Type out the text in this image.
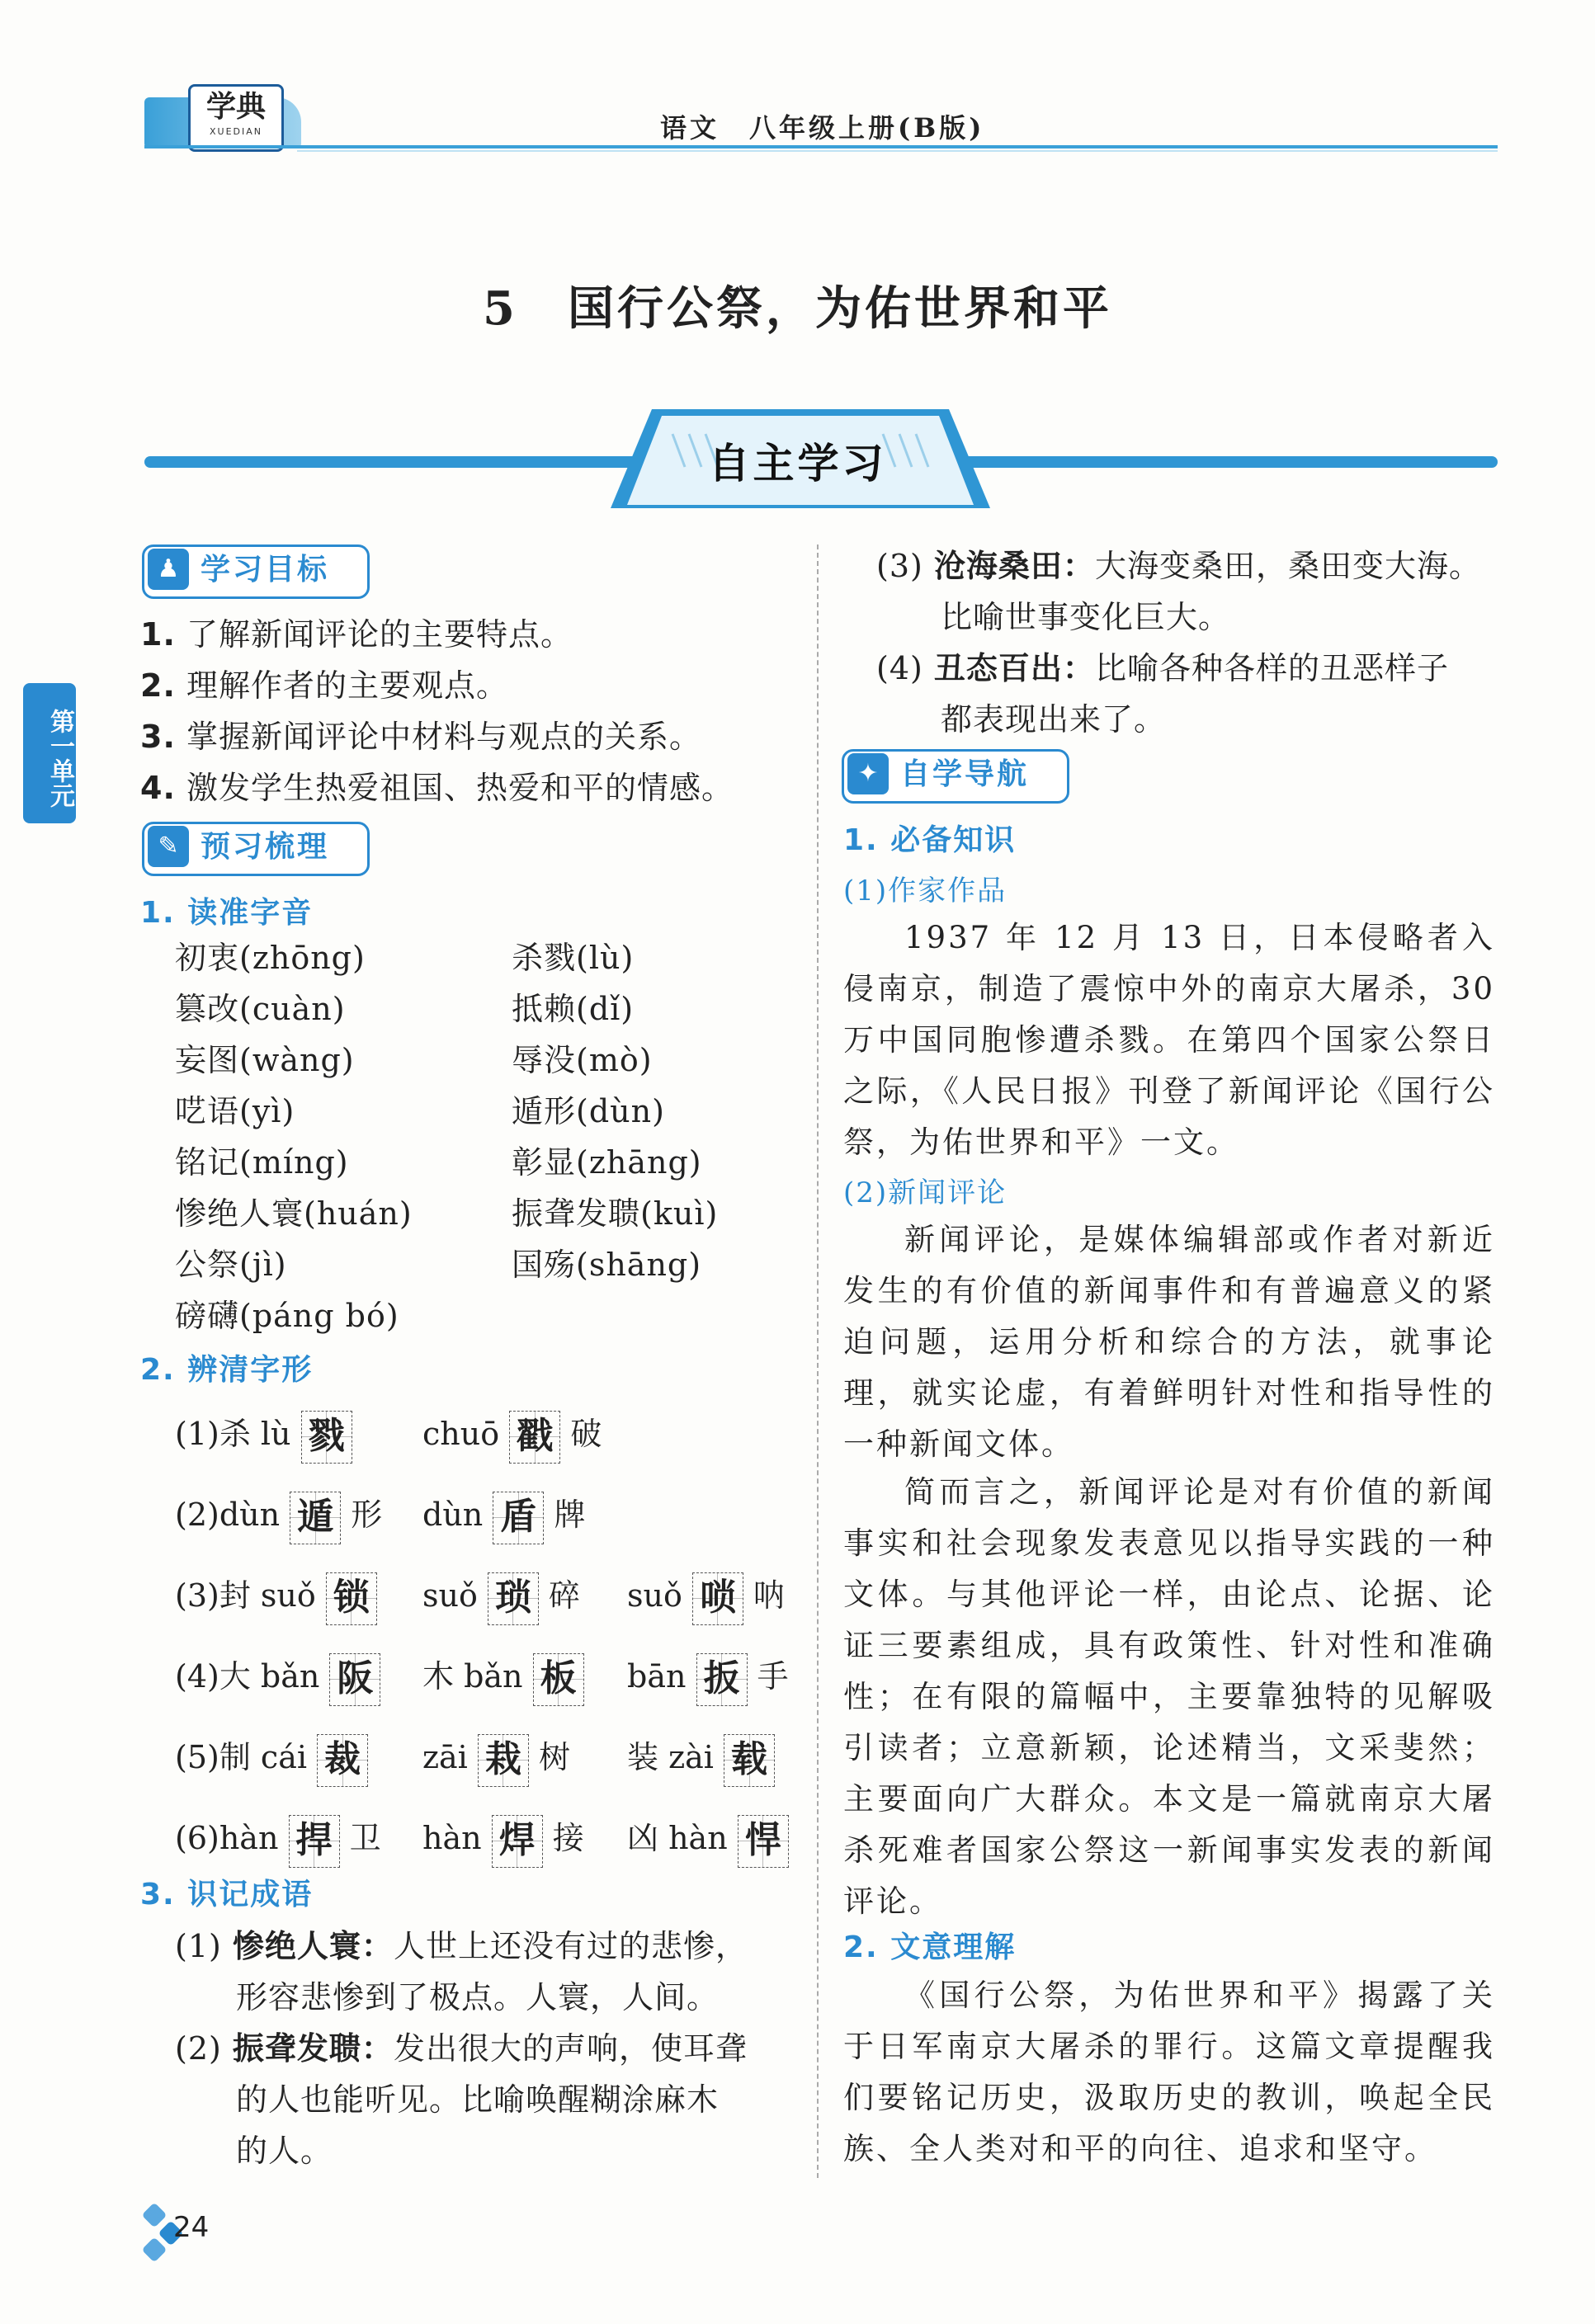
学典
XUEDIAN	语文　八年级上册(B版)
5　国行公祭，为佑世界和平
自主学习
第一单元
♟ 学习目标
1. 了解新闻评论的主要特点。
2. 理解作者的主要观点。
3. 掌握新闻评论中材料与观点的关系。
4. 激发学生热爱祖国、热爱和平的情感。
✎ 预习梳理
1. 读准字音
初衷(zhōng)	杀戮(lù)
篡改(cuàn)	抵赖(dǐ)
妄图(wàng)	辱没(mò)
呓语(yì)	遁形(dùn)
铭记(míng)	彰显(zhāng)
惨绝人寰(huán)	振聋发聩(kuì)
公祭(jì)	国殇(shāng)
磅礴(páng bó)
2. 辨清字形
(1)杀 lù 戮 chuō 戳 破
(2)dùn 遁 形 dùn 盾 牌
(3)封 suǒ 锁 suǒ 琐 碎 suǒ 唢 呐
(4)大 bǎn 阪 木 bǎn 板 bān 扳 手
(5)制 cái 裁 zāi 栽 树 装 zài 载
(6)hàn 捍 卫 hàn 焊 接 凶 hàn 悍
3. 识记成语
(1) 惨绝人寰：人世上还没有过的悲惨，
形容悲惨到了极点。人寰，人间。
(2) 振聋发聩：发出很大的声响，使耳聋
的人也能听见。比喻唤醒糊涂麻木
的人。
(3) 沧海桑田：大海变桑田，桑田变大海。
比喻世事变化巨大。
(4) 丑态百出：比喻各种各样的丑恶样子
都表现出来了。
✦ 自学导航
1. 必备知识
(1)作家作品
1937 年 12 月 13 日，日本侵略者入侵南京，制造了震惊中外的南京大屠杀，30 万中国同胞惨遭杀戮。在第四个国家公祭日之际，《人民日报》刊登了新闻评论《国行公祭，为佑世界和平》一文。
(2)新闻评论
新闻评论，是媒体编辑部或作者对新近发生的有价值的新闻事件和有普遍意义的紧迫问题，运用分析和综合的方法，就事论理，就实论虚，有着鲜明针对性和指导性的一种新闻文体。
简而言之，新闻评论是对有价值的新闻事实和社会现象发表意见以指导实践的一种文体。与其他评论一样，由论点、论据、论证三要素组成，具有政策性、针对性和准确性；在有限的篇幅中，主要靠独特的见解吸引读者；立意新颖，论述精当，文采斐然；主要面向广大群众。本文是一篇就南京大屠杀死难者国家公祭这一新闻事实发表的新闻评论。
2. 文意理解
《国行公祭，为佑世界和平》揭露了关于日军南京大屠杀的罪行。这篇文章提醒我们要铭记历史，汲取历史的教训，唤起全民族、全人类对和平的向往、追求和坚守。
24
